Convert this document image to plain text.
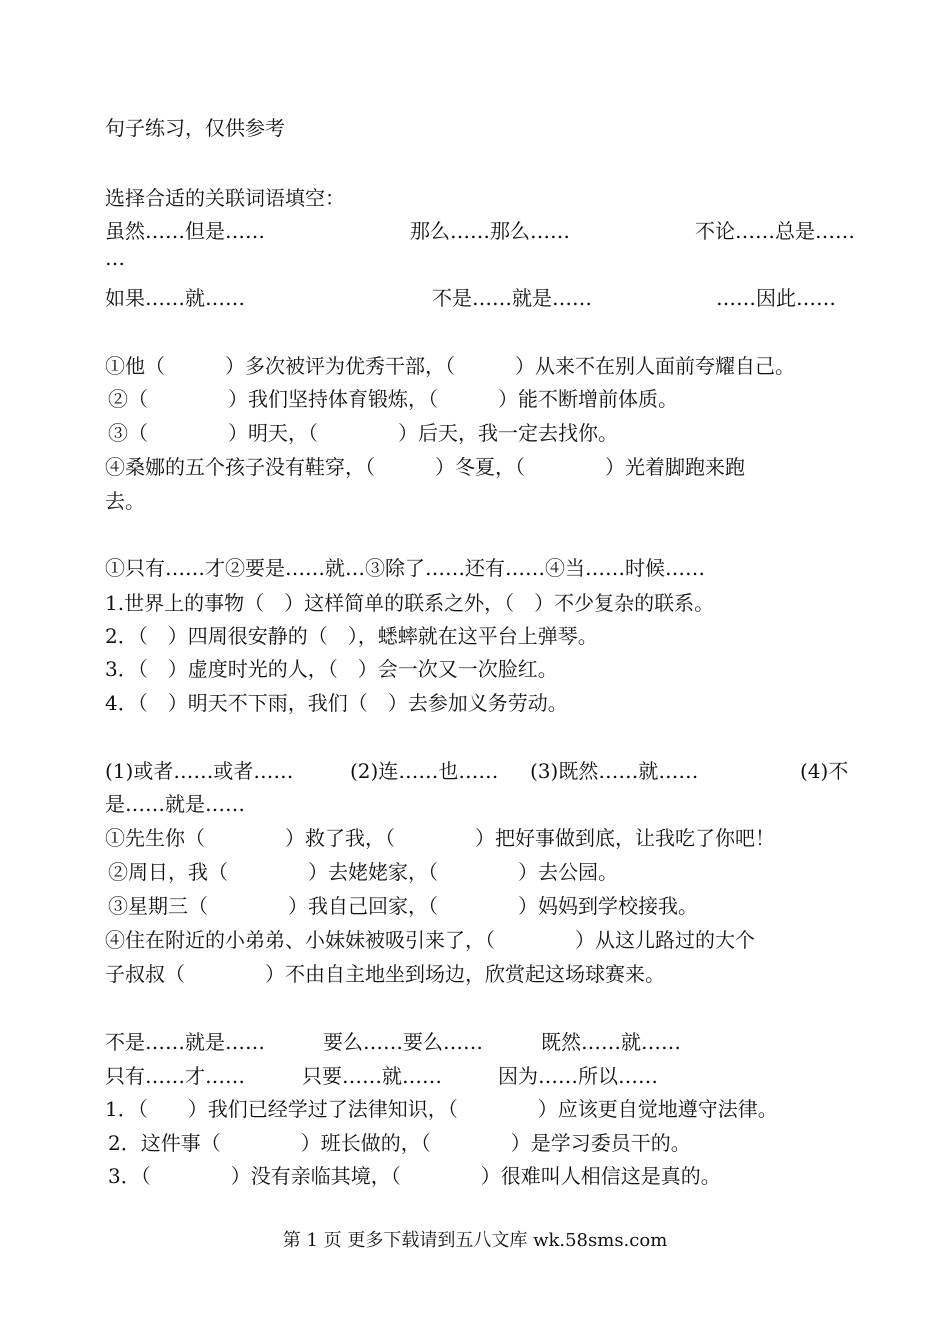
句子练习，仅供参考
选择合适的关联词语填空：
虽然……但是……	那么……那么……	不论……总是……
…
如果……就……	不是……就是……	……因此……
①他（　　　）多次被评为优秀干部，（　　　）从来不在别人面前夸耀自己。
②（　　　　）我们坚持体育锻炼，（　　　）能不断增前体质。
③（　　　　）明天，（　　　　）后天，我一定去找你。
④桑娜的五个孩子没有鞋穿，（　　　）冬夏，（　　　　）光着脚跑来跑
去。
①只有……才②要是……就…③除了……还有……④当……时候……
1.世界上的事物（　）这样简单的联系之外，（　）不少复杂的联系。
2．（　）四周很安静的（　），蟋蟀就在这平台上弹琴。
3．（　）虚度时光的人，（　）会一次又一次脸红。
4．（　）明天不下雨，我们（　）去参加义务劳动。
(1)或者……或者……	(2)连……也…… (3)既然……就……	(4)不
是……就是……
①先生你（　　　　）救了我，（　　　　）把好事做到底，让我吃了你吧！
②周日，我（　　　　）去姥姥家，（　　　　）去公园。
③星期三（　　　　）我自己回家，（　　　　）妈妈到学校接我。
④住在附近的小弟弟、小妹妹被吸引来了，（　　　　）从这儿路过的大个
子叔叔（　　　　）不由自主地坐到场边，欣赏起这场球赛来。
不是……就是……	要么……要么……	既然……就……
只有……才……	只要……就……	因为……所以……
1．（　　）我们已经学过了法律知识，（　　　　）应该更自觉地遵守法律。
2．这件事（　　　　）班长做的，（　　　　）是学习委员干的。
3．（　　　　）没有亲临其境，（　　　　）很难叫人相信这是真的。
第 1 页 更多下载请到五八文库 wk.58sms.com
